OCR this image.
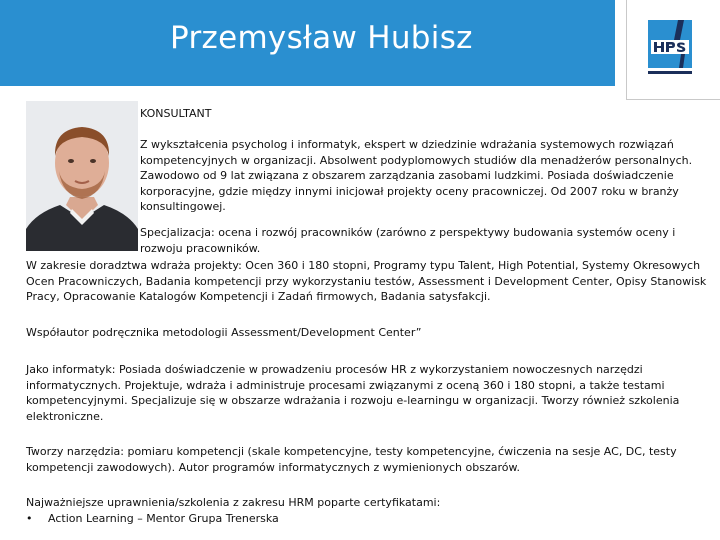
Przemysław Hubisz
KONSULTANT
Z wykształcenia psycholog i informatyk, ekspert w dziedzinie wdrażania systemowych rozwiązań kompetencyjnych w organizacji. Absolwent podyplomowych studiów dla menadżerów personalnych. Zawodowo od 9 lat związana z obszarem zarządzania zasobami ludzkimi. Posiada doświadczenie korporacyjne, gdzie między innymi inicjował projekty oceny pracowniczej. Od 2007 roku w branży konsultingowej.
Specjalizacja: ocena i rozwój pracowników (zarówno z perspektywy budowania systemów oceny i rozwoju pracowników.
W zakresie doradztwa wdraża projekty: Ocen 360 i 180 stopni, Programy typu Talent, High Potential, Systemy Okresowych Ocen Pracowniczych, Badania kompetencji przy wykorzystaniu testów, Assessment i Development Center, Opisy Stanowisk Pracy, Opracowanie Katalogów Kompetencji i Zadań firmowych, Badania satysfakcji.
Współautor podręcznika metodologii Assessment/Development Center”
Jako informatyk: Posiada doświadczenie w prowadzeniu procesów HR z wykorzystaniem nowoczesnych narzędzi informatycznych. Projektuje, wdraża i administruje procesami związanymi z oceną 360 i 180 stopni, a także testami kompetencyjnymi. Specjalizuje się w obszarze wdrażania i rozwoju e-learningu w organizacji. Tworzy również szkolenia elektroniczne.
Tworzy narzędzia: pomiaru kompetencji (skale kompetencyjne, testy kompetencyjne, ćwiczenia na sesje AC, DC, testy kompetencji zawodowych). Autor programów informatycznych z wymienionych obszarów.
Najważniejsze uprawnienia/szkolenia z zakresu HRM poparte certyfikatami:
• Action Learning – Mentor Grupa Trenerska
